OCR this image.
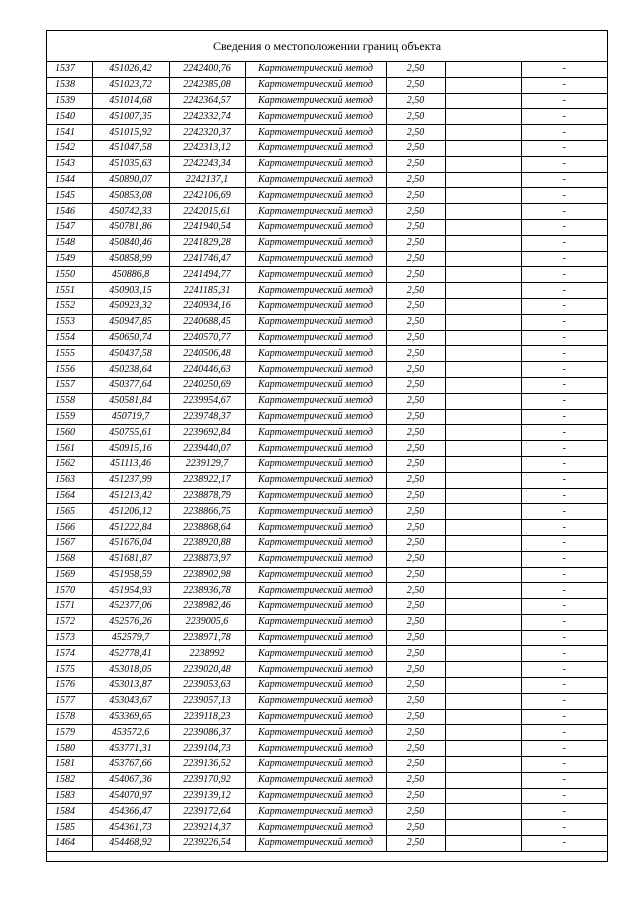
Сведения о местоположении границ объекта
1537	451026,42	2242400,76	Картометрический метод	2,50		-
1538	451023,72	2242385,08	Картометрический метод	2,50		-
1539	451014,68	2242364,57	Картометрический метод	2,50		-
1540	451007,35	2242332,74	Картометрический метод	2,50		-
1541	451015,92	2242320,37	Картометрический метод	2,50		-
1542	451047,58	2242313,12	Картометрический метод	2,50		-
1543	451035,63	2242243,34	Картометрический метод	2,50		-
1544	450890,07	2242137,1	Картометрический метод	2,50		-
1545	450853,08	2242106,69	Картометрический метод	2,50		-
1546	450742,33	2242015,61	Картометрический метод	2,50		-
1547	450781,86	2241940,54	Картометрический метод	2,50		-
1548	450840,46	2241829,28	Картометрический метод	2,50		-
1549	450858,99	2241746,47	Картометрический метод	2,50		-
1550	450886,8	2241494,77	Картометрический метод	2,50		-
1551	450903,15	2241185,31	Картометрический метод	2,50		-
1552	450923,32	2240934,16	Картометрический метод	2,50		-
1553	450947,85	2240688,45	Картометрический метод	2,50		-
1554	450650,74	2240570,77	Картометрический метод	2,50		-
1555	450437,58	2240506,48	Картометрический метод	2,50		-
1556	450238,64	2240446,63	Картометрический метод	2,50		-
1557	450377,64	2240250,69	Картометрический метод	2,50		-
1558	450581,84	2239954,67	Картометрический метод	2,50		-
1559	450719,7	2239748,37	Картометрический метод	2,50		-
1560	450755,61	2239692,84	Картометрический метод	2,50		-
1561	450915,16	2239440,07	Картометрический метод	2,50		-
1562	451113,46	2239129,7	Картометрический метод	2,50		-
1563	451237,99	2238922,17	Картометрический метод	2,50		-
1564	451213,42	2238878,79	Картометрический метод	2,50		-
1565	451206,12	2238866,75	Картометрический метод	2,50		-
1566	451222,84	2238868,64	Картометрический метод	2,50		-
1567	451676,04	2238920,88	Картометрический метод	2,50		-
1568	451681,87	2238873,97	Картометрический метод	2,50		-
1569	451958,59	2238902,98	Картометрический метод	2,50		-
1570	451954,93	2238936,78	Картометрический метод	2,50		-
1571	452377,06	2238982,46	Картометрический метод	2,50		-
1572	452576,26	2239005,6	Картометрический метод	2,50		-
1573	452579,7	2238971,78	Картометрический метод	2,50		-
1574	452778,41	2238992	Картометрический метод	2,50		-
1575	453018,05	2239020,48	Картометрический метод	2,50		-
1576	453013,87	2239053,63	Картометрический метод	2,50		-
1577	453043,67	2239057,13	Картометрический метод	2,50		-
1578	453369,65	2239118,23	Картометрический метод	2,50		-
1579	453572,6	2239086,37	Картометрический метод	2,50		-
1580	453771,31	2239104,73	Картометрический метод	2,50		-
1581	453767,66	2239136,52	Картометрический метод	2,50		-
1582	454067,36	2239170,92	Картометрический метод	2,50		-
1583	454070,97	2239139,12	Картометрический метод	2,50		-
1584	454366,47	2239172,64	Картометрический метод	2,50		-
1585	454361,73	2239214,37	Картометрический метод	2,50		-
1464	454468,92	2239226,54	Картометрический метод	2,50		-
